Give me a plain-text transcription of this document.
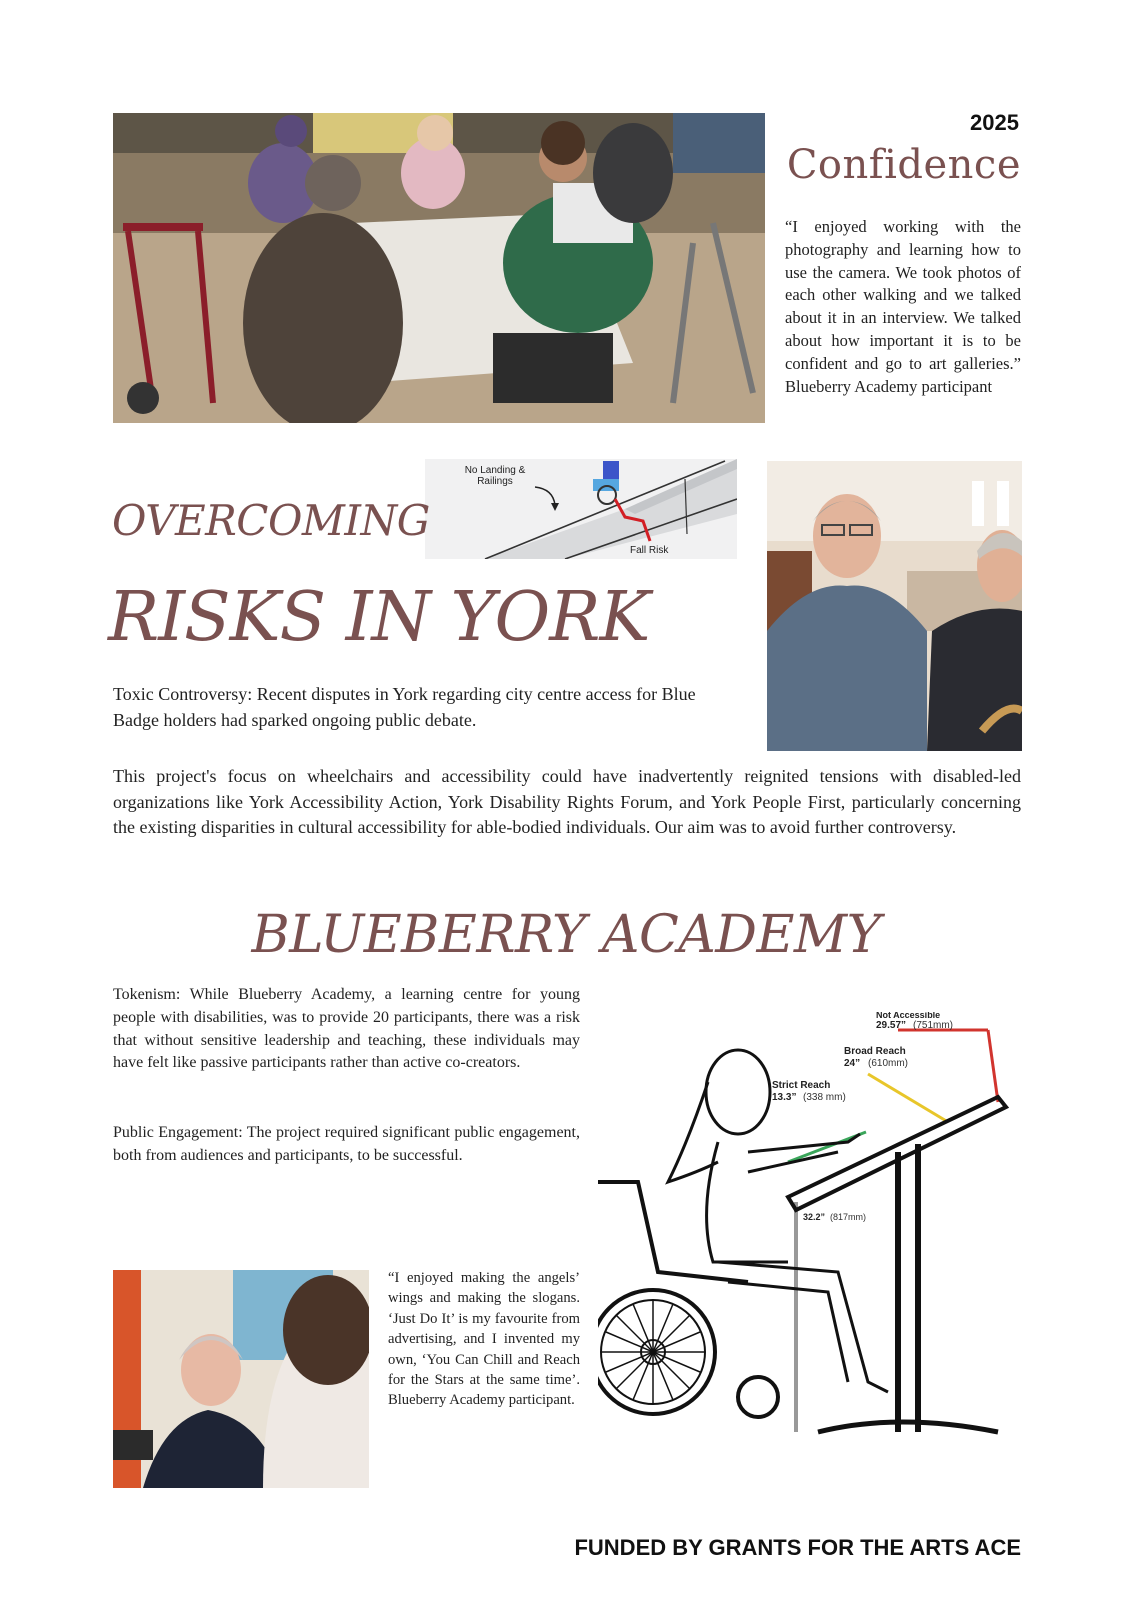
2025
Confidence
“I enjoyed working with the photography and learning how to use the camera. We took photos of each other walking and we talked about it in an interview. We talked about how important it is to be confident and go to art galleries.” Blueberry Academy participant
No Landing &
Railings
Fall Risk
OVERCOMING
RISKS IN YORK
Toxic Controversy: Recent disputes in York regarding city centre access for Blue Badge holders had sparked ongoing public debate.
This project's focus on wheelchairs and accessibility could have inadvertently reignited tensions with disabled-led organizations like York Accessibility Action, York Disability Rights Forum, and York People First, particularly concerning the existing disparities in cultural accessibility for able-bodied individuals. Our aim was to avoid further controversy.
BLUEBERRY ACADEMY
Tokenism: While Blueberry Academy, a learning centre for young people with disabilities, was to provide 20 participants, there was a risk that without sensitive leadership and teaching, these individuals may have felt like passive participants rather than active co-creators.
Public Engagement: The project required significant public engagement, both from audiences and participants, to be successful.
Not Accessible
29.57” (751mm)
Broad Reach
24” (610mm)
Strict Reach
13.3” (338 mm)
32.2” (817mm)
“I enjoyed making the angels’ wings and making the slogans. ‘Just Do It’ is my favourite from advertising, and I invented my own, ‘You Can Chill and Reach for the Stars at the same time’. Blueberry Academy participant.
FUNDED BY GRANTS FOR THE ARTS ACE
